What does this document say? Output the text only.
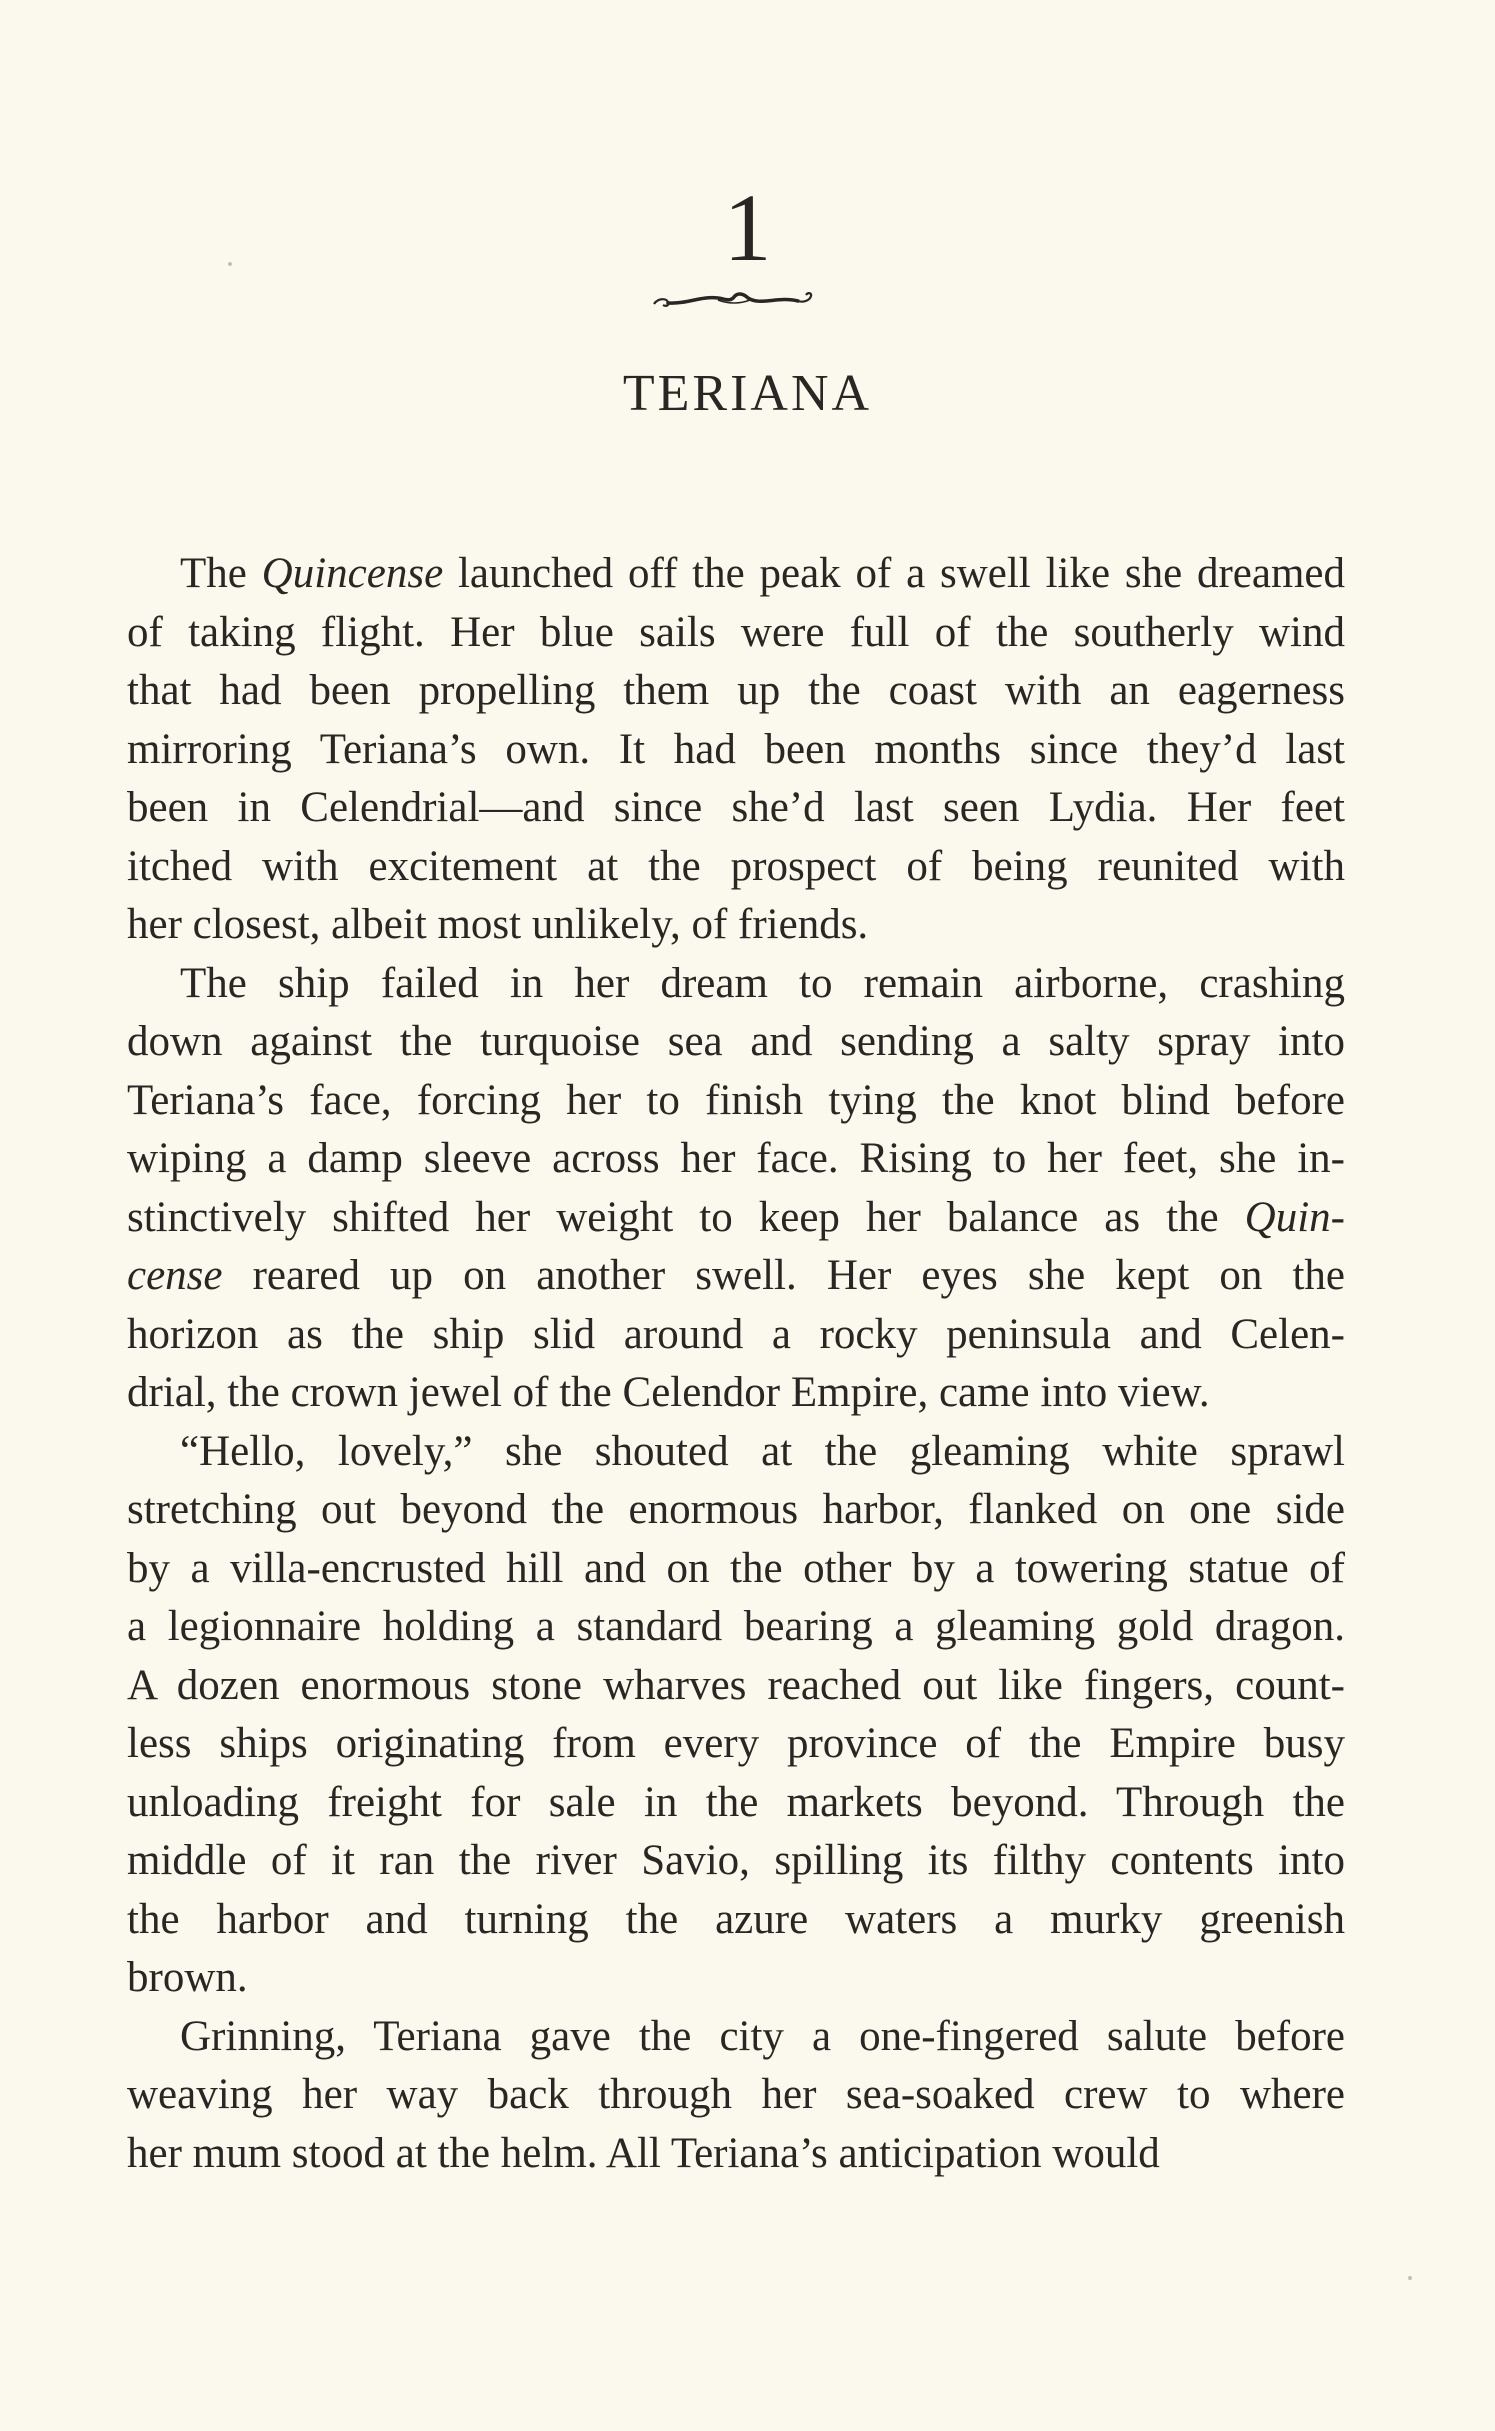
1
TERIANA

The Quincense launched off the peak of a swell like she dreamed
of taking flight. Her blue sails were full of the southerly wind
that had been propelling them up the coast with an eagerness
mirroring Teriana’s own. It had been months since they’d last
been in Celendrial—and since she’d last seen Lydia. Her feet
itched with excitement at the prospect of being reunited with
her closest, albeit most unlikely, of friends.

The ship failed in her dream to remain airborne, crashing
down against the turquoise sea and sending a salty spray into
Teriana’s face, forcing her to finish tying the knot blind before
wiping a damp sleeve across her face. Rising to her feet, she in-
stinctively shifted her weight to keep her balance as the Quin-
cense reared up on another swell. Her eyes she kept on the
horizon as the ship slid around a rocky peninsula and Celen-
drial, the crown jewel of the Celendor Empire, came into view.

“Hello, lovely,” she shouted at the gleaming white sprawl
stretching out beyond the enormous harbor, flanked on one side
by a villa-encrusted hill and on the other by a towering statue of
a legionnaire holding a standard bearing a gleaming gold dragon.
A dozen enormous stone wharves reached out like fingers, count-
less ships originating from every province of the Empire busy
unloading freight for sale in the markets beyond. Through the
middle of it ran the river Savio, spilling its filthy contents into
the harbor and turning the azure waters a murky greenish
brown.

Grinning, Teriana gave the city a one-fingered salute before
weaving her way back through her sea-soaked crew to where
her mum stood at the helm. All Teriana’s anticipation would
